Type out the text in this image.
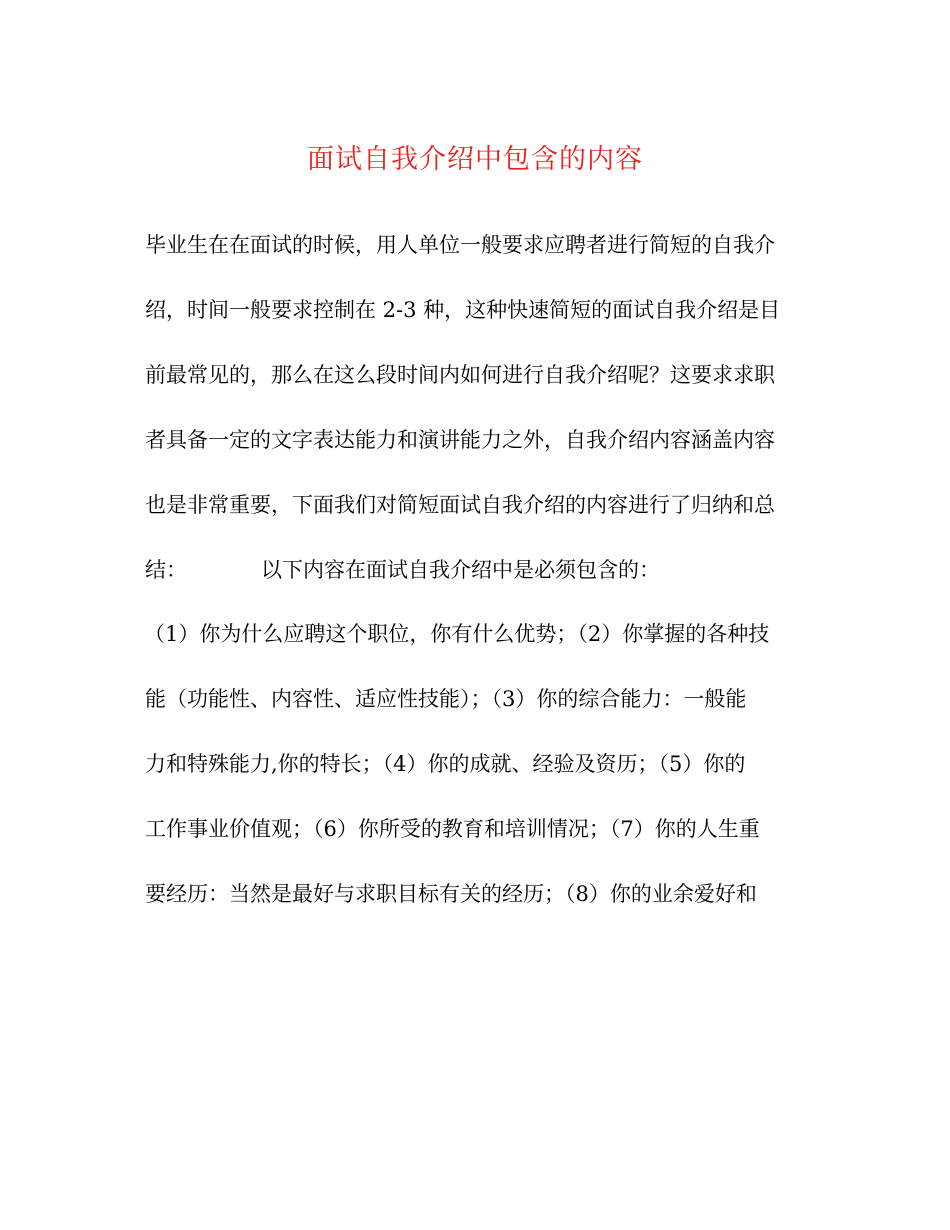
面试自我介绍中包含的内容
毕业生在在面试的时候，用人单位一般要求应聘者进行简短的自我介
绍，时间一般要求控制在 2-3 种，这种快速简短的面试自我介绍是目
前最常见的，那么在这么段时间内如何进行自我介绍呢？这要求求职
者具备一定的文字表达能力和演讲能力之外，自我介绍内容涵盖内容
也是非常重要，下面我们对简短面试自我介绍的内容进行了归纳和总
结：	以下内容在面试自我介绍中是必须包含的：
（1）你为什么应聘这个职位，你有什么优势；（2）你掌握的各种技
能（功能性、内容性、适应性技能）；（3）你的综合能力：一般能
力和特殊能力,你的特长；（4）你的成就、经验及资历；（5）你的
工作事业价值观；（6）你所受的教育和培训情况；（7）你的人生重
要经历：当然是最好与求职目标有关的经历；（8）你的业余爱好和
